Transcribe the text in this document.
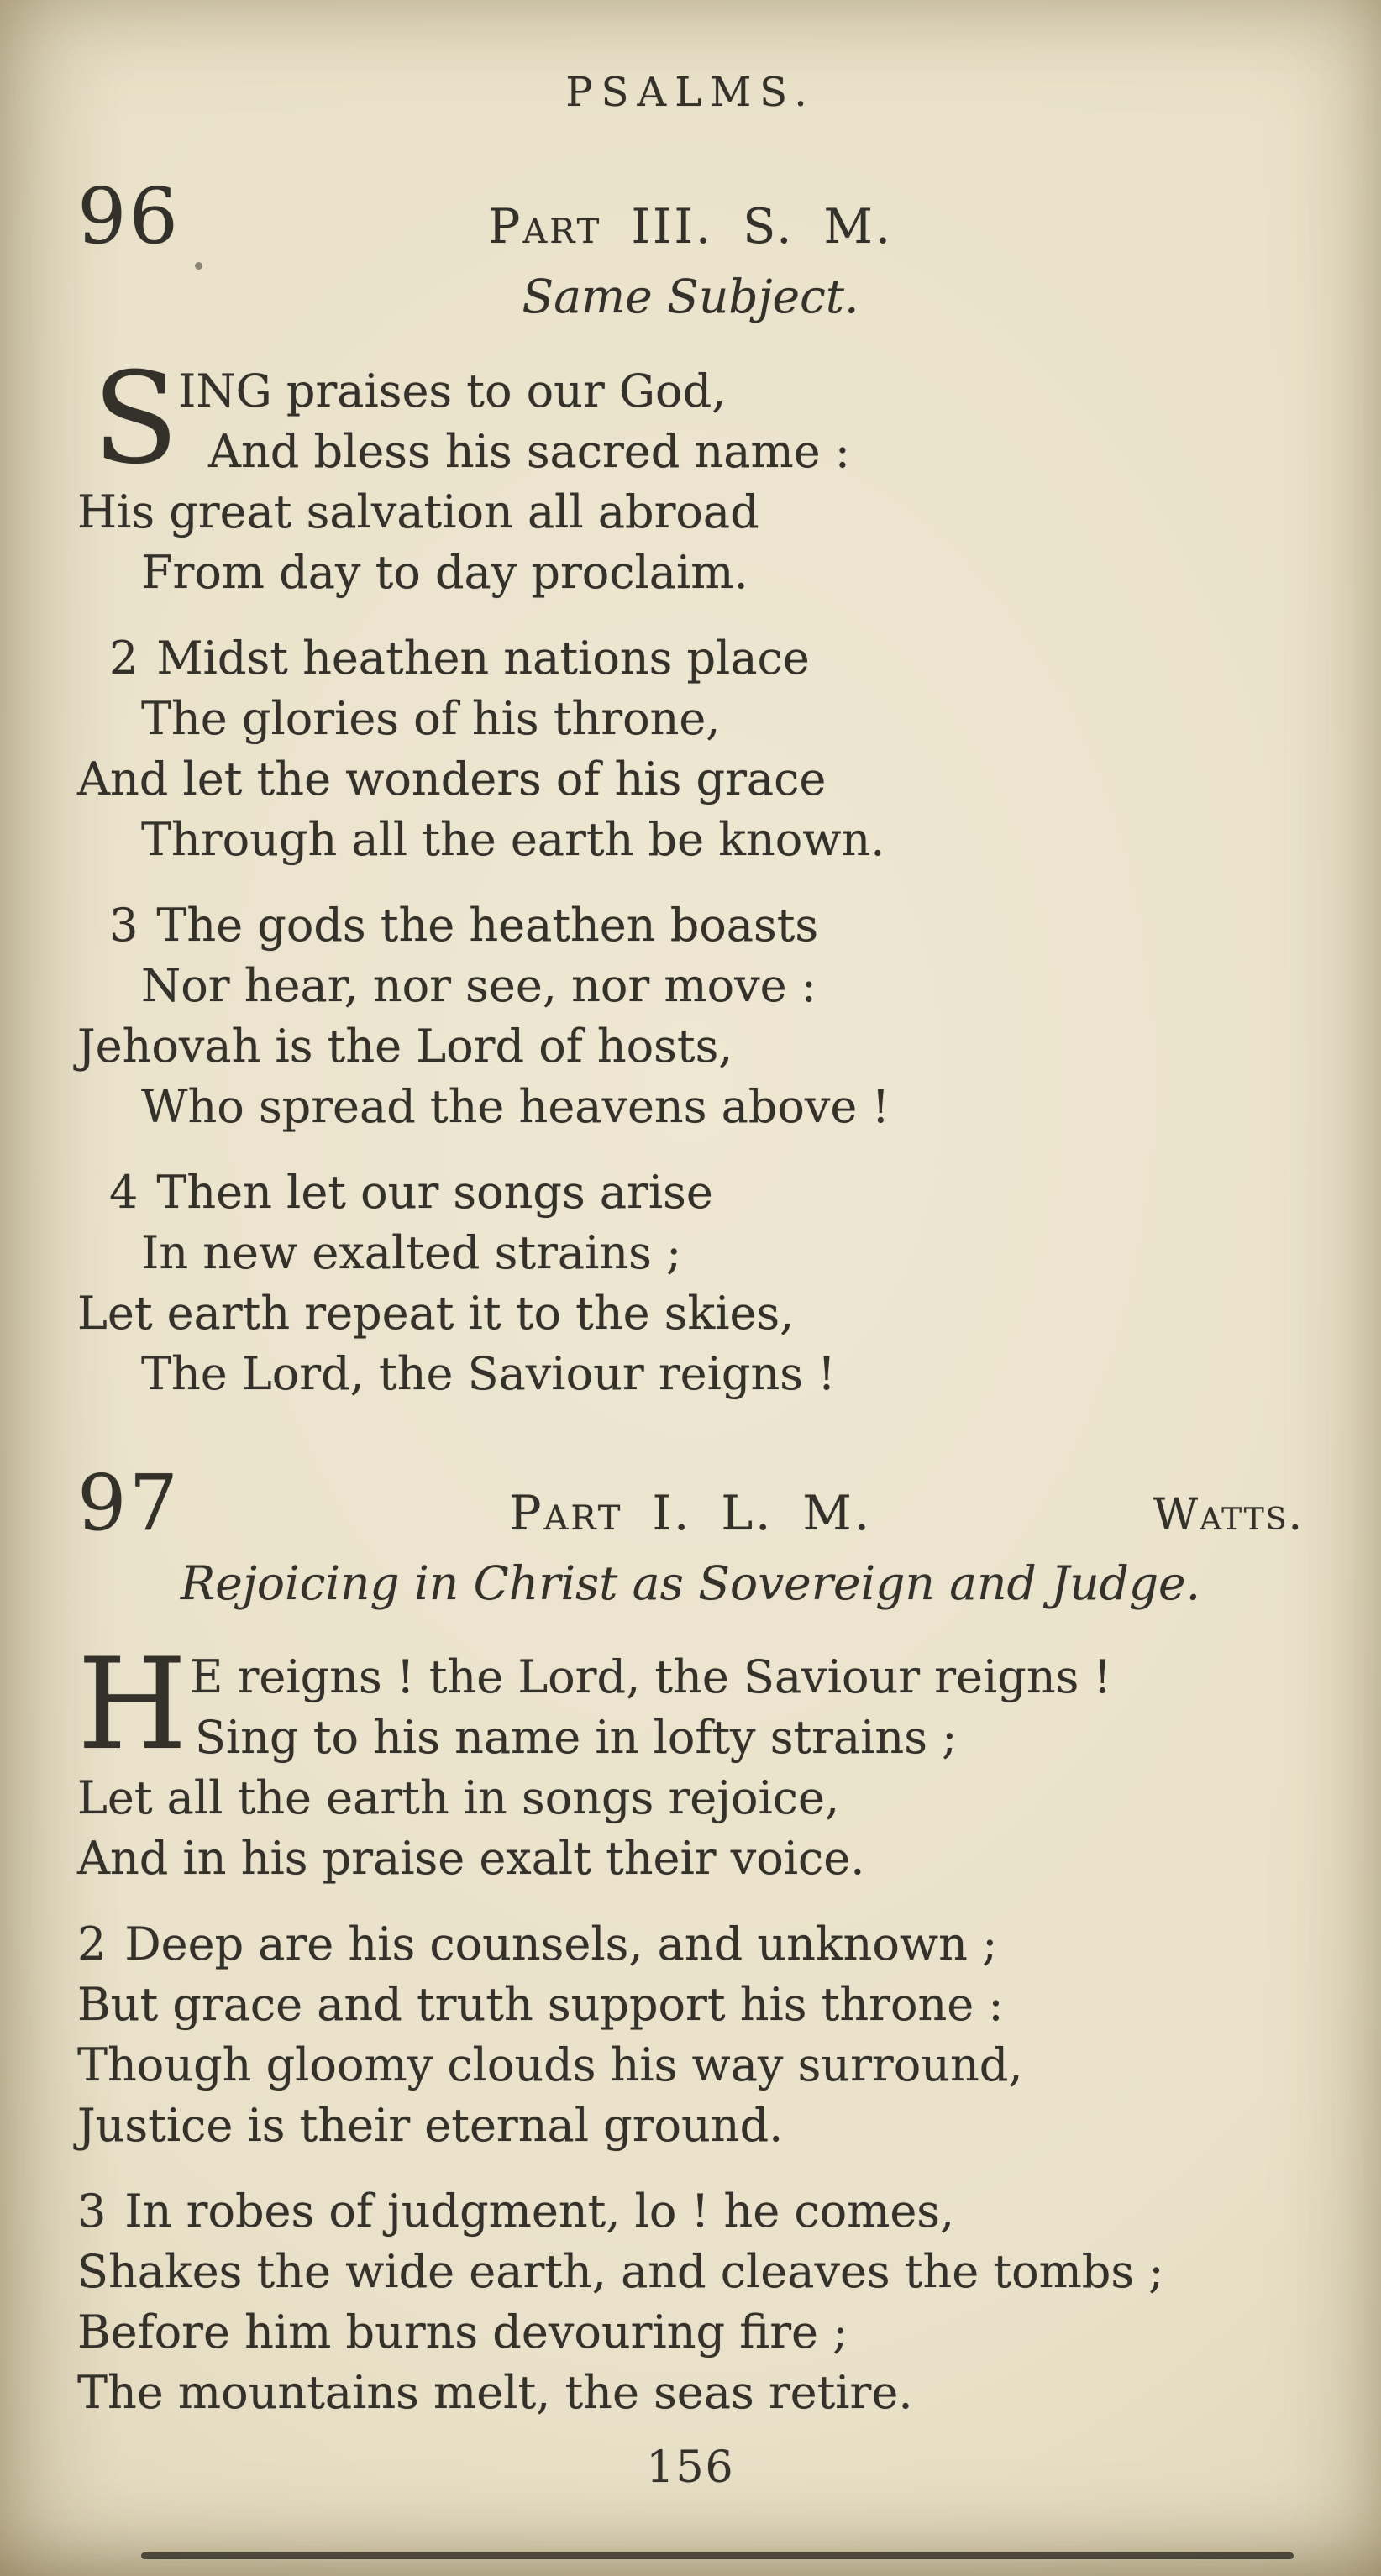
PSALMS.
96	Part III. S. M.
Same Subject.
S ING praises to our God,
And bless his sacred name :
His great salvation all abroad
From day to day proclaim.
2 Midst heathen nations place
The glories of his throne,
And let the wonders of his grace
Through all the earth be known.
3 The gods the heathen boasts
Nor hear, nor see, nor move :
Jehovah is the Lord of hosts,
Who spread the heavens above !
4 Then let our songs arise
In new exalted strains ;
Let earth repeat it to the skies,
The Lord, the Saviour reigns !
97	Part I. L. M.	Watts.
Rejoicing in Christ as Sovereign and Judge.
H E reigns ! the Lord, the Saviour reigns !
Sing to his name in lofty strains ;
Let all the earth in songs rejoice,
And in his praise exalt their voice.
2 Deep are his counsels, and unknown ;
But grace and truth support his throne :
Though gloomy clouds his way surround,
Justice is their eternal ground.
3 In robes of judgment, lo ! he comes,
Shakes the wide earth, and cleaves the tombs ;
Before him burns devouring fire ;
The mountains melt, the seas retire.
156
